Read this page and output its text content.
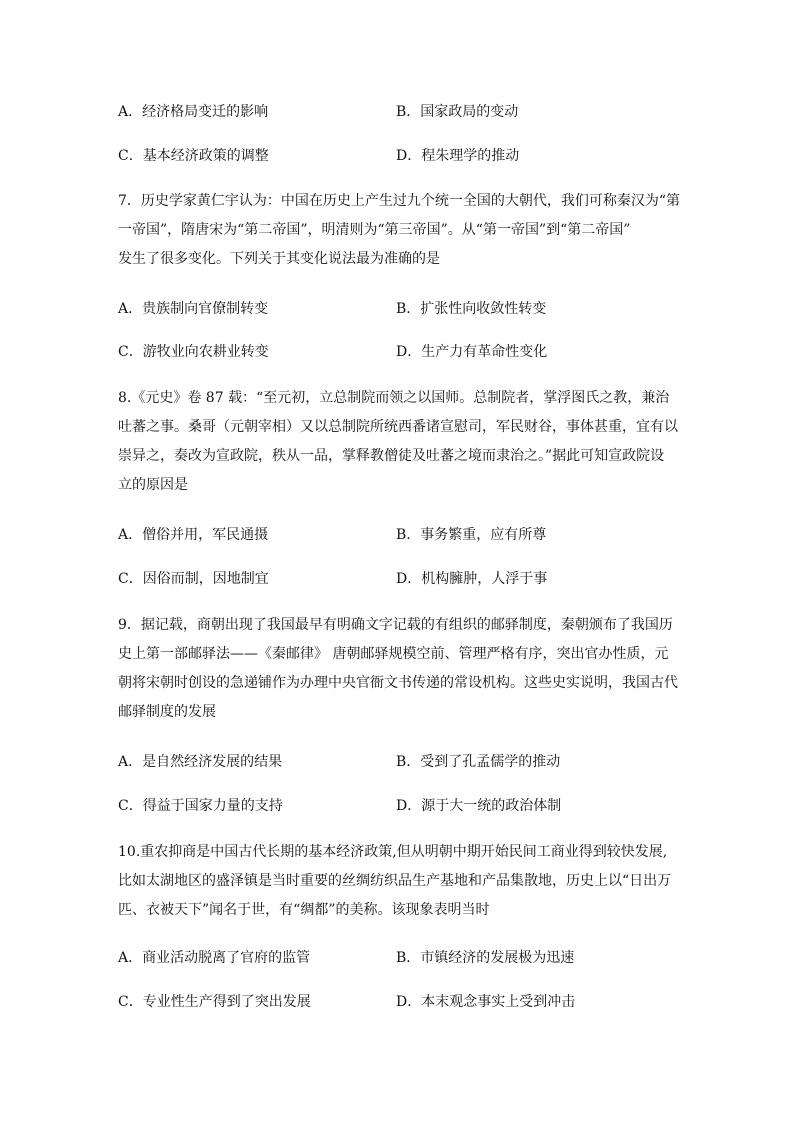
A．经济格局变迁的影响	B．国家政局的变动
C．基本经济政策的调整	D．程朱理学的推动
7．历史学家黄仁宇认为：中国在历史上产生过九个统一全国的大朝代，我们可称秦汉为“第
一帝国”，隋唐宋为“第二帝国”，明清则为“第三帝国”。从“第一帝国”到“第二帝国”
发生了很多变化。下列关于其变化说法最为准确的是
A．贵族制向官僚制转变	B．扩张性向收敛性转变
C．游牧业向农耕业转变	D．生产力有革命性变化
8.《元史》卷 87 载：“至元初，立总制院而领之以国师。总制院者，掌浮图氏之教，兼治
吐蕃之事。桑哥（元朝宰相）又以总制院所统西番诸宣慰司，军民财谷，事体甚重，宜有以
崇异之，奏改为宣政院，秩从一品，掌释教僧徒及吐蕃之境而隶治之。”据此可知宣政院设
立的原因是
A．僧俗并用，军民通摄	B．事务繁重，应有所尊
C．因俗而制，因地制宜	D．机构臃肿，人浮于事
9．据记载，商朝出现了我国最早有明确文字记载的有组织的邮驿制度，秦朝颁布了我国历
史上第一部邮驿法——《秦邮律》 唐朝邮驿规模空前、管理严格有序，突出官办性质，元
朝将宋朝时创设的急递铺作为办理中央官衙文书传递的常设机构。这些史实说明，我国古代
邮驿制度的发展
A．是自然经济发展的结果	B．受到了孔孟儒学的推动
C．得益于国家力量的支持	D．源于大一统的政治体制
10.重农抑商是中国古代长期的基本经济政策,但从明朝中期开始民间工商业得到较快发展,
比如太湖地区的盛泽镇是当时重要的丝绸纺织品生产基地和产品集散地，历史上以“日出万
匹、衣被天下”闻名于世，有“绸都”的美称。该现象表明当时
A．商业活动脱离了官府的监管	B．市镇经济的发展极为迅速
C．专业性生产得到了突出发展	D．本末观念事实上受到冲击
